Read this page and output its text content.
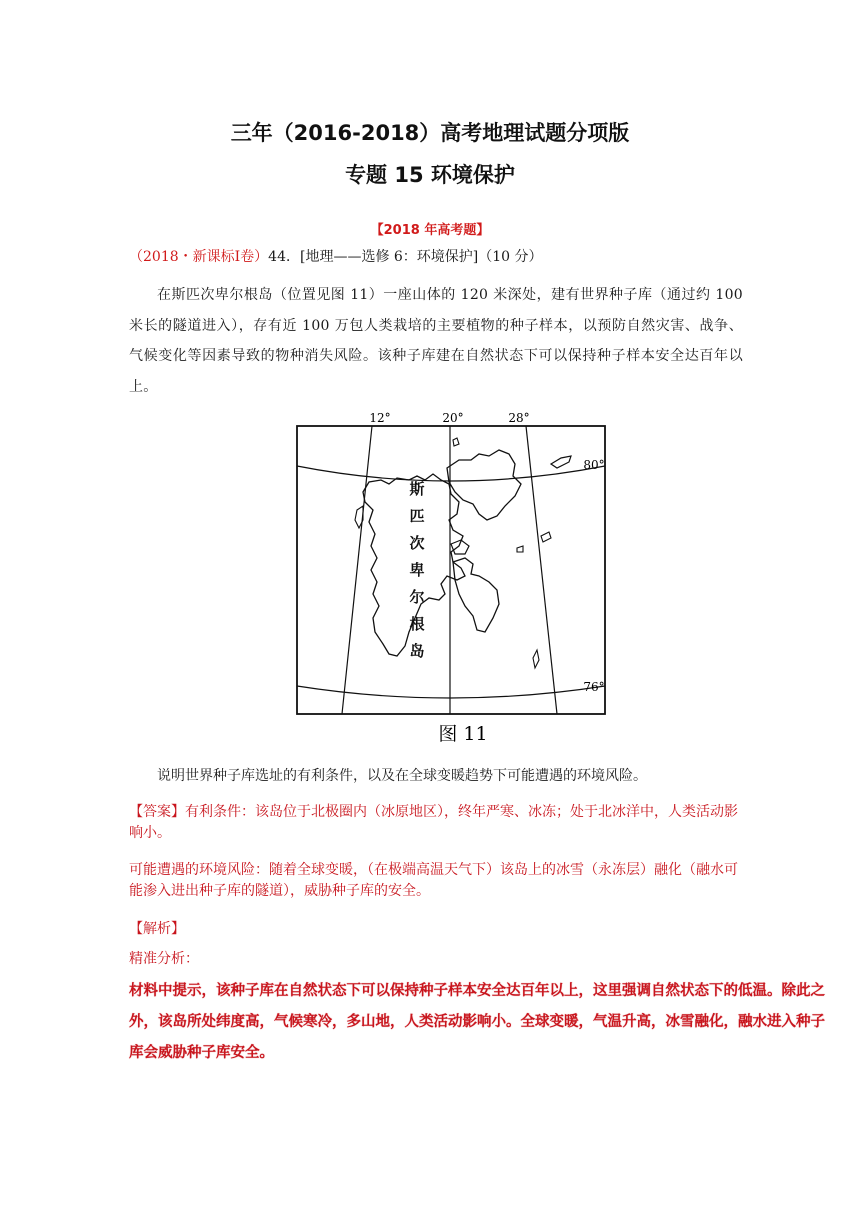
三年（2016-2018）高考地理试题分项版
专题 15 环境保护
【2018 年高考题】
（2018・新课标Ⅰ卷）44．[地理——选修 6：环境保护]（10 分）
在斯匹次卑尔根岛（位置见图 11）一座山体的 120 米深处，建有世界种子库（通过约 100 米长的隧道进入），存有近 100 万包人类栽培的主要植物的种子样本，以预防自然灾害、战争、气候变化等因素导致的物种消失风险。该种子库建在自然状态下可以保持种子样本安全达百年以上。
12°	20°	28°
80°
76°
斯
匹
次
卑
尔
根
岛
图 11
说明世界种子库选址的有利条件，以及在全球变暖趋势下可能遭遇的环境风险。
【答案】有利条件：该岛位于北极圈内（冰原地区），终年严寒、冰冻；处于北冰洋中，人类活动影响小。
可能遭遇的环境风险：随着全球变暖，（在极端高温天气下）该岛上的冰雪（永冻层）融化（融水可能渗入进出种子库的隧道），威胁种子库的安全。
【解析】
精准分析：
材料中提示，该种子库在自然状态下可以保持种子样本安全达百年以上，这里强调自然状态下的低温。除此之外，该岛所处纬度高，气候寒冷，多山地，人类活动影响小。全球变暖，气温升高，冰雪融化，融水进入种子库会威胁种子库安全。
